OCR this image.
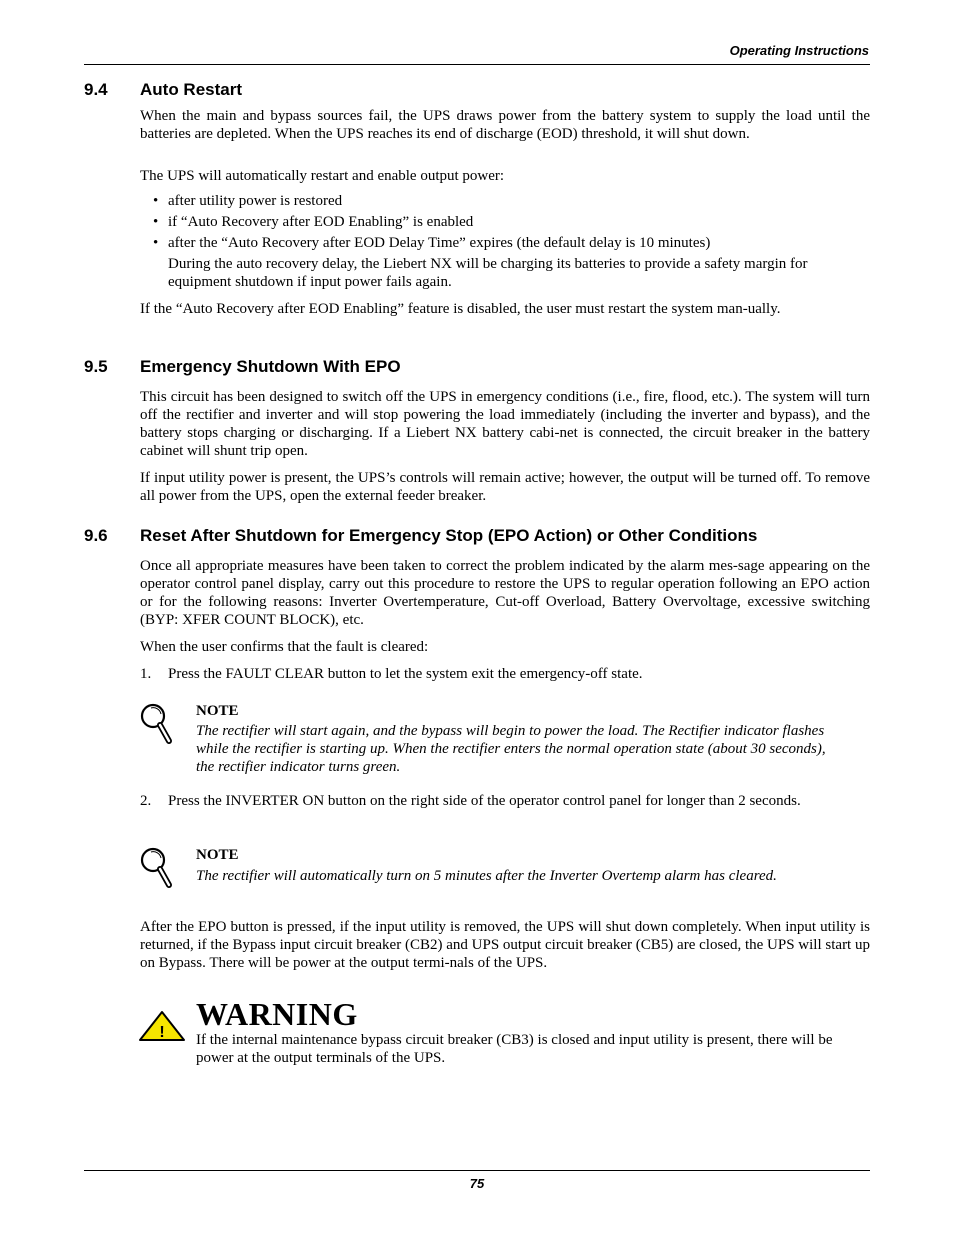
Operating Instructions
9.4 Auto Restart
When the main and bypass sources fail, the UPS draws power from the battery system to supply the load until the batteries are depleted. When the UPS reaches its end of discharge (EOD) threshold, it will shut down.
The UPS will automatically restart and enable output power:
• after utility power is restored
• if “Auto Recovery after EOD Enabling” is enabled
• after the “Auto Recovery after EOD Delay Time” expires (the default delay is 10 minutes)
During the auto recovery delay, the Liebert NX will be charging its batteries to provide a safety margin for equipment shutdown if input power fails again.
If the “Auto Recovery after EOD Enabling” feature is disabled, the user must restart the system man-ually.
9.5 Emergency Shutdown With EPO
This circuit has been designed to switch off the UPS in emergency conditions (i.e., fire, flood, etc.). The system will turn off the rectifier and inverter and will stop powering the load immediately (including the inverter and bypass), and the battery stops charging or discharging. If a Liebert NX battery cabi-net is connected, the circuit breaker in the battery cabinet will shunt trip open.
If input utility power is present, the UPS’s controls will remain active; however, the output will be turned off. To remove all power from the UPS, open the external feeder breaker.
9.6 Reset After Shutdown for Emergency Stop (EPO Action) or Other Conditions
Once all appropriate measures have been taken to correct the problem indicated by the alarm mes-sage appearing on the operator control panel display, carry out this procedure to restore the UPS to regular operation following an EPO action or for the following reasons: Inverter Overtemperature, Cut-off Overload, Battery Overvoltage, excessive switching (BYP: XFER COUNT BLOCK), etc.
When the user confirms that the fault is cleared:
1. Press the FAULT CLEAR button to let the system exit the emergency-off state.
NOTE
The rectifier will start again, and the bypass will begin to power the load. The Rectifier indicator flashes while the rectifier is starting up. When the rectifier enters the normal operation state (about 30 seconds), the rectifier indicator turns green.
2. Press the INVERTER ON button on the right side of the operator control panel for longer than 2 seconds.
NOTE
The rectifier will automatically turn on 5 minutes after the Inverter Overtemp alarm has cleared.
After the EPO button is pressed, if the input utility is removed, the UPS will shut down completely. When input utility is returned, if the Bypass input circuit breaker (CB2) and UPS output circuit breaker (CB5) are closed, the UPS will start up on Bypass. There will be power at the output termi-nals of the UPS.
!
WARNING
If the internal maintenance bypass circuit breaker (CB3) is closed and input utility is present, there will be power at the output terminals of the UPS.
75
